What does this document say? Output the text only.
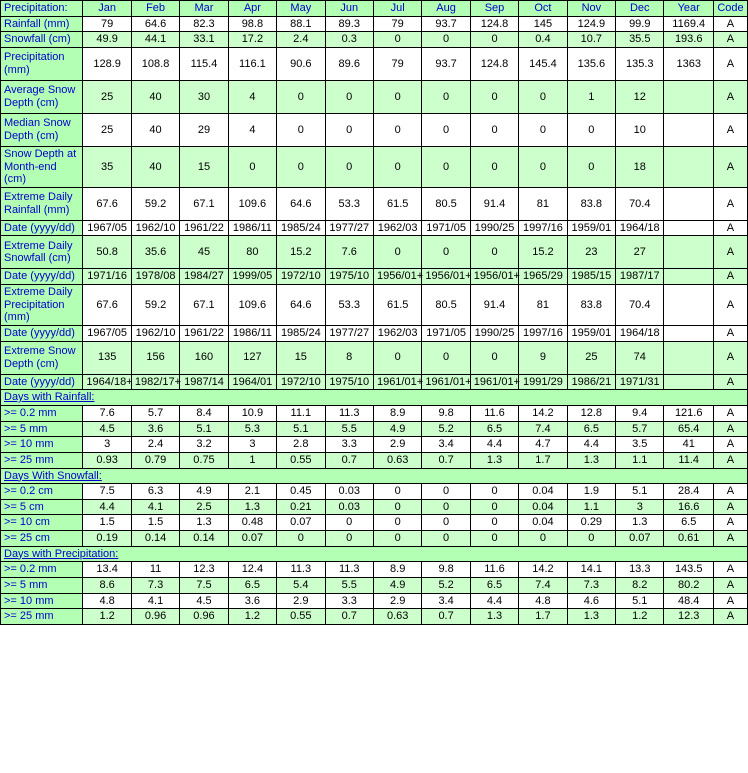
Precipitation:	Jan	Feb	Mar	Apr	May	Jun	Jul	Aug	Sep	Oct	Nov	Dec	Year	Code
Rainfall (mm)	79	64.6	82.3	98.8	88.1	89.3	79	93.7	124.8	145	124.9	99.9	1169.4	A
Snowfall (cm)	49.9	44.1	33.1	17.2	2.4	0.3	0	0	0	0.4	10.7	35.5	193.6	A
Precipitation (mm)	128.9	108.8	115.4	116.1	90.6	89.6	79	93.7	124.8	145.4	135.6	135.3	1363	A
Average Snow Depth (cm)	25	40	30	4	0	0	0	0	0	0	1	12		A
Median Snow Depth (cm)	25	40	29	4	0	0	0	0	0	0	0	10		A
Snow Depth at Month-end (cm)	35	40	15	0	0	0	0	0	0	0	0	18		A
Extreme Daily Rainfall (mm)	67.6	59.2	67.1	109.6	64.6	53.3	61.5	80.5	91.4	81	83.8	70.4		A
Date (yyyy/dd)	1967/05	1962/10	1961/22	1986/11	1985/24	1977/27	1962/03	1971/05	1990/25	1997/16	1959/01	1964/18		A
Extreme Daily Snowfall (cm)	50.8	35.6	45	80	15.2	7.6	0	0	0	15.2	23	27		A
Date (yyyy/dd)	1971/16	1978/08	1984/27	1999/05	1972/10	1975/10	1956/01+	1956/01+	1956/01+	1965/29	1985/15	1987/17		A
Extreme Daily Precipitation (mm)	67.6	59.2	67.1	109.6	64.6	53.3	61.5	80.5	91.4	81	83.8	70.4		A
Date (yyyy/dd)	1967/05	1962/10	1961/22	1986/11	1985/24	1977/27	1962/03	1971/05	1990/25	1997/16	1959/01	1964/18		A
Extreme Snow Depth (cm)	135	156	160	127	15	8	0	0	0	9	25	74		A
Date (yyyy/dd)	1964/18+	1982/17+	1987/14	1964/01	1972/10	1975/10	1961/01+	1961/01+	1961/01+	1991/29	1986/21	1971/31		A
Days with Rainfall:														
>= 0.2 mm	7.6	5.7	8.4	10.9	11.1	11.3	8.9	9.8	11.6	14.2	12.8	9.4	121.6	A
>= 5 mm	4.5	3.6	5.1	5.3	5.1	5.5	4.9	5.2	6.5	7.4	6.5	5.7	65.4	A
>= 10 mm	3	2.4	3.2	3	2.8	3.3	2.9	3.4	4.4	4.7	4.4	3.5	41	A
>= 25 mm	0.93	0.79	0.75	1	0.55	0.7	0.63	0.7	1.3	1.7	1.3	1.1	11.4	A
Days With Snowfall:														
>= 0.2 cm	7.5	6.3	4.9	2.1	0.45	0.03	0	0	0	0.04	1.9	5.1	28.4	A
>= 5 cm	4.4	4.1	2.5	1.3	0.21	0.03	0	0	0	0.04	1.1	3	16.6	A
>= 10 cm	1.5	1.5	1.3	0.48	0.07	0	0	0	0	0.04	0.29	1.3	6.5	A
>= 25 cm	0.19	0.14	0.14	0.07	0	0	0	0	0	0	0	0.07	0.61	A
Days with Precipitation:														
>= 0.2 mm	13.4	11	12.3	12.4	11.3	11.3	8.9	9.8	11.6	14.2	14.1	13.3	143.5	A
>= 5 mm	8.6	7.3	7.5	6.5	5.4	5.5	4.9	5.2	6.5	7.4	7.3	8.2	80.2	A
>= 10 mm	4.8	4.1	4.5	3.6	2.9	3.3	2.9	3.4	4.4	4.8	4.6	5.1	48.4	A
>= 25 mm	1.2	0.96	0.96	1.2	0.55	0.7	0.63	0.7	1.3	1.7	1.3	1.2	12.3	A
